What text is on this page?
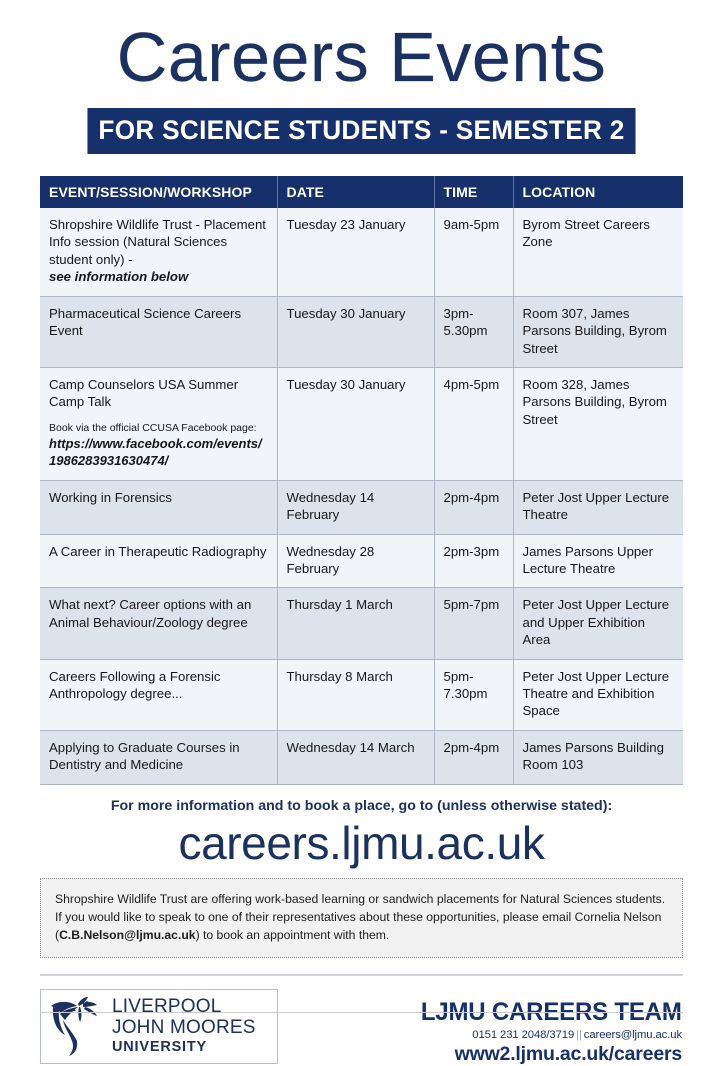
Careers Events
FOR SCIENCE STUDENTS - SEMESTER 2
EVENT/SESSION/WORKSHOP	DATE	TIME	LOCATION
Shropshire Wildlife Trust - Placement Info session (Natural Sciences student only) -
see information below	Tuesday 23 January	9am-5pm	Byrom Street Careers Zone
Pharmaceutical Science Careers Event	Tuesday 30 January	3pm-5.30pm	Room 307, James Parsons Building, Byrom Street
Camp Counselors USA Summer Camp Talk
Book via the official CCUSA Facebook page:
https://www.facebook.com/events/1986283931630474/	Tuesday 30 January	4pm-5pm	Room 328, James Parsons Building, Byrom Street
Working in Forensics	Wednesday 14 February	2pm-4pm	Peter Jost Upper Lecture Theatre
A Career in Therapeutic Radiography	Wednesday 28 February	2pm-3pm	James Parsons Upper Lecture Theatre
What next? Career options with an Animal Behaviour/Zoology degree	Thursday 1 March	5pm-7pm	Peter Jost Upper Lecture and Upper Exhibition Area
Careers Following a Forensic Anthropology degree...	Thursday 8 March	5pm-7.30pm	Peter Jost Upper Lecture Theatre and Exhibition Space
Applying to Graduate Courses in Dentistry and Medicine	Wednesday 14 March	2pm-4pm	James Parsons Building Room 103
For more information and to book a place, go to (unless otherwise stated):
careers.ljmu.ac.uk
Shropshire Wildlife Trust are offering work-based learning or sandwich placements for Natural Sciences students. If you would like to speak to one of their representatives about these opportunities, please email Cornelia Nelson (C.B.Nelson@ljmu.ac.uk) to book an appointment with them.
LIVERPOOL
JOHN MOORES
UNIVERSITY
LJMU CAREERS TEAM
0151 231 2048/3719 || careers@ljmu.ac.uk
www2.ljmu.ac.uk/careers
